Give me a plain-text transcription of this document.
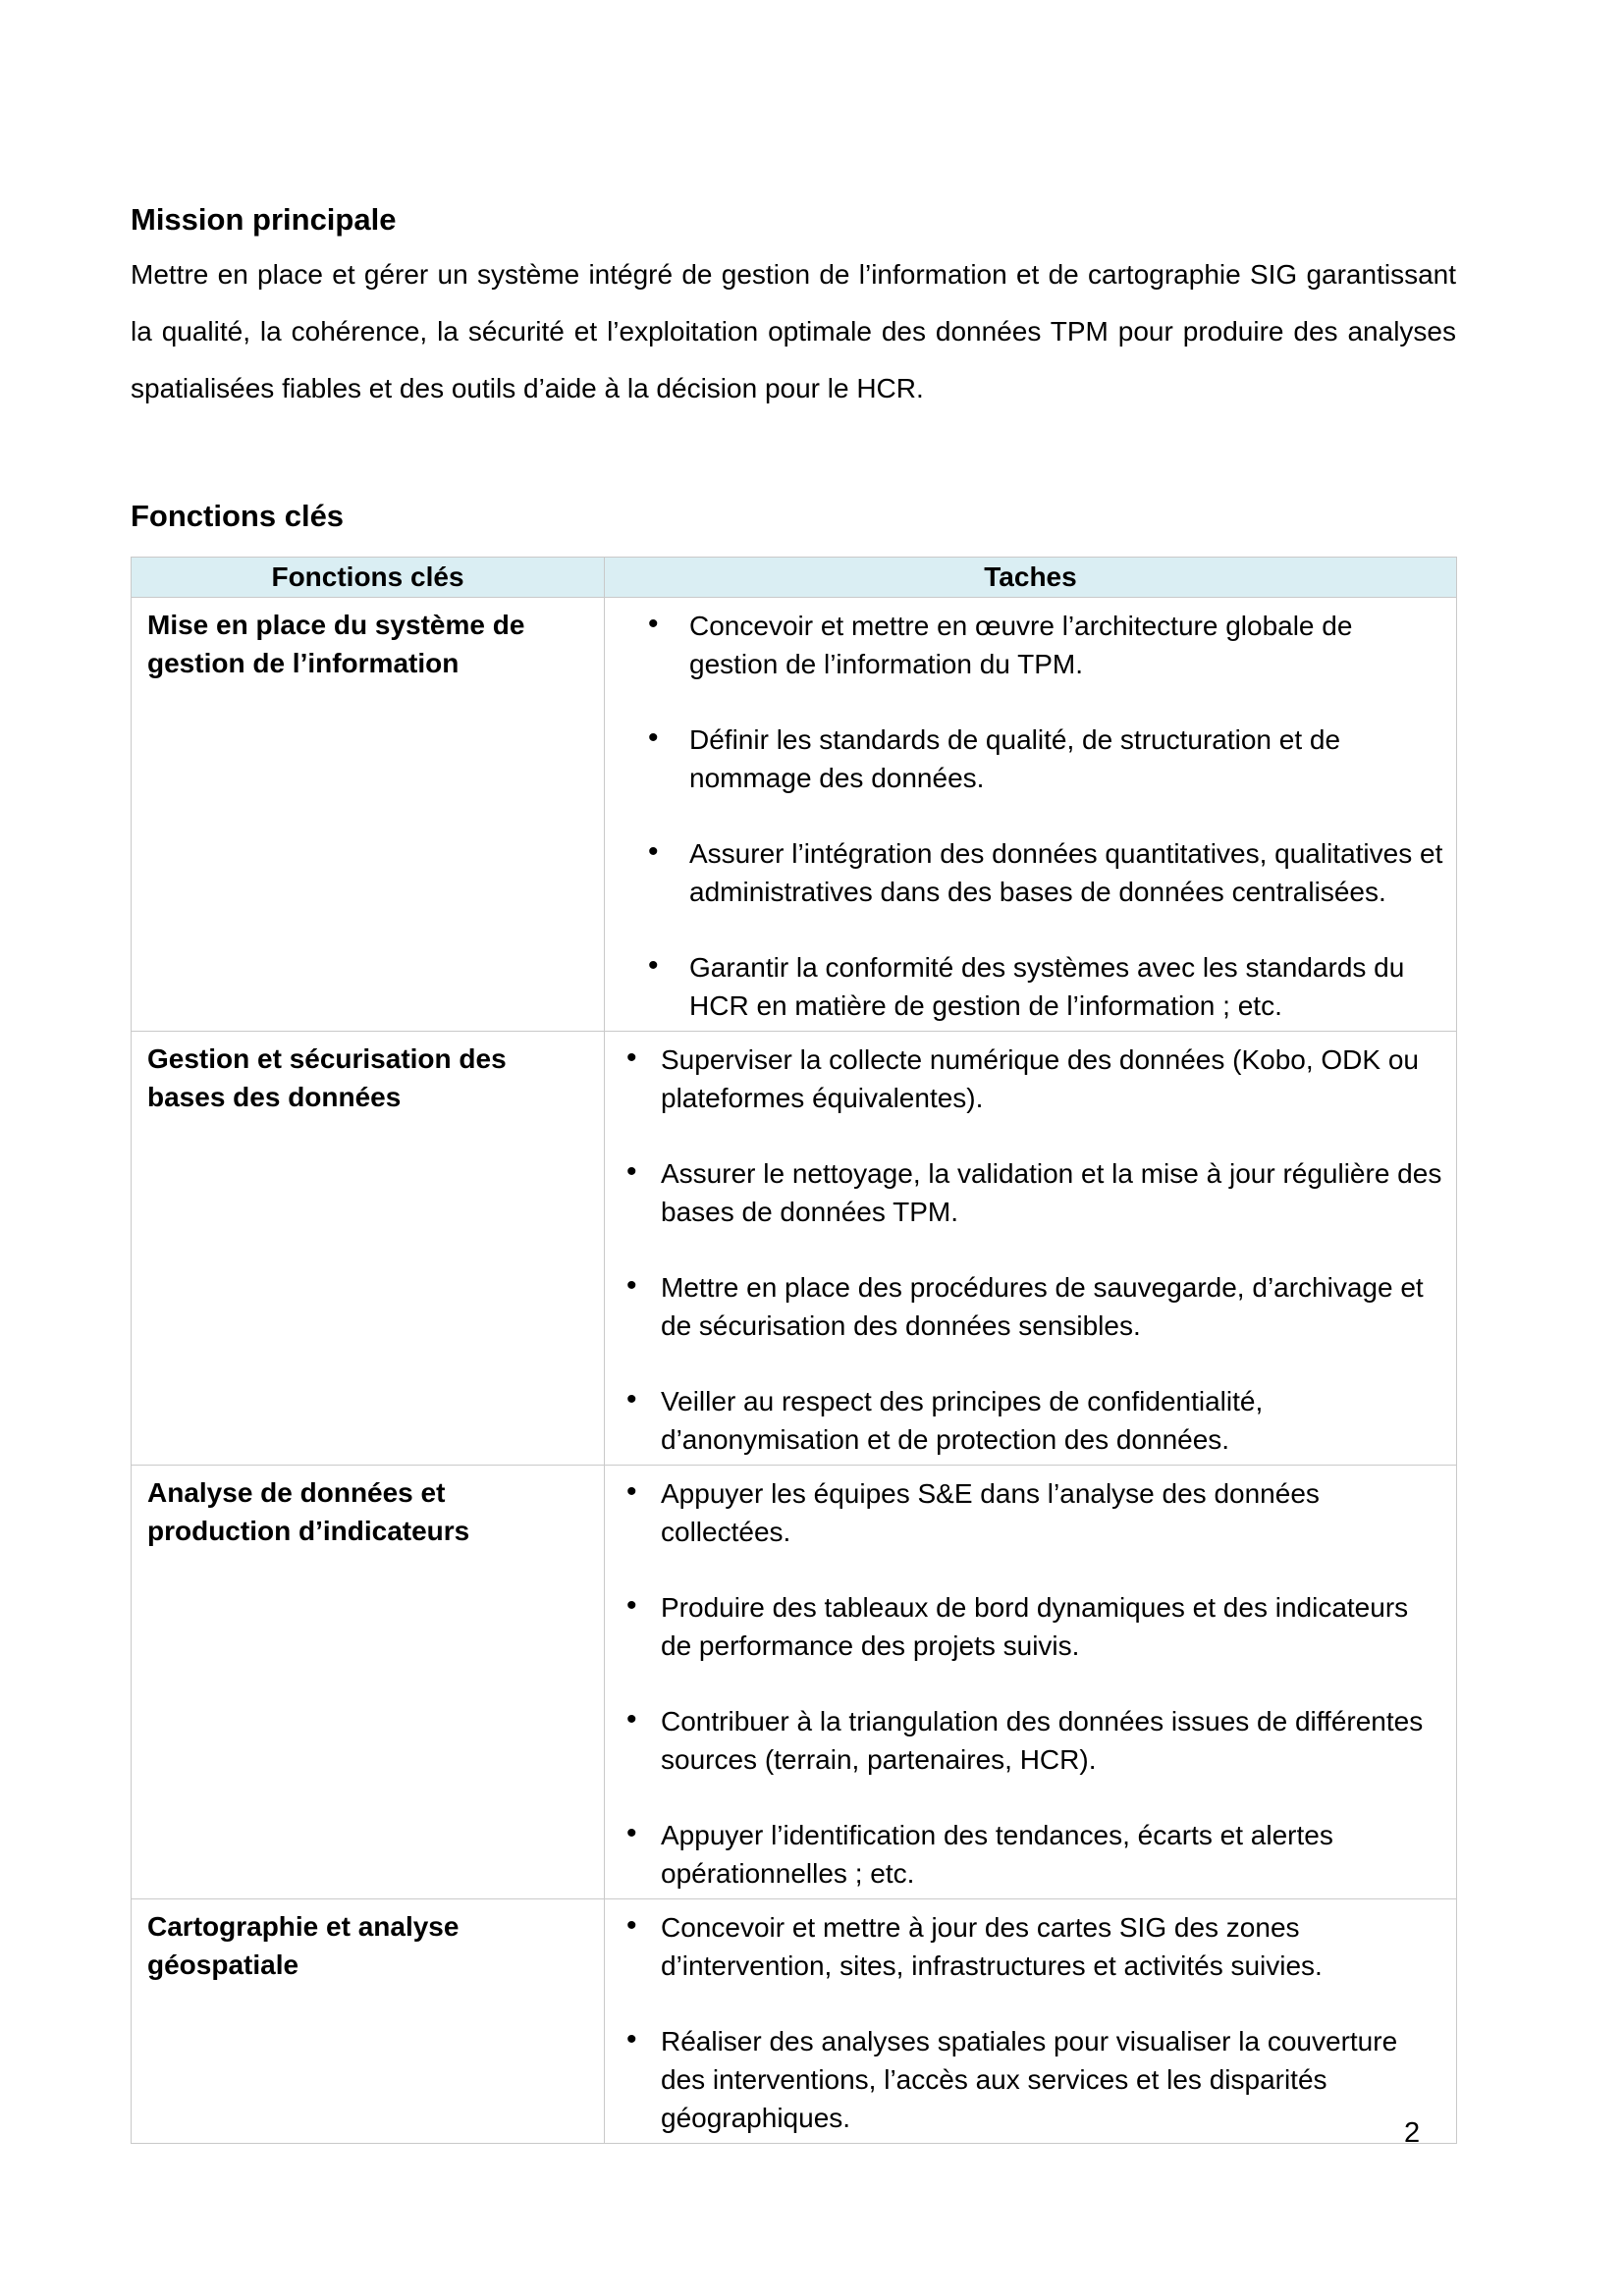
Mission principale

Mettre en place et gérer un système intégré de gestion de l’information et de cartographie SIG garantissant la qualité, la cohérence, la sécurité et l’exploitation optimale des données TPM pour produire des analyses spatialisées fiables et des outils d’aide à la décision pour le HCR.

Fonctions clés
Fonctions clés	Taches
Mise en place du système de gestion de l’information	
• Concevoir et mettre en œuvre l’architecture globale de gestion de l’information du TPM.
• Définir les standards de qualité, de structuration et de nommage des données.
• Assurer l’intégration des données quantitatives, qualitatives et administratives dans des bases de données centralisées.
• Garantir la conformité des systèmes avec les standards du HCR en matière de gestion de l’information ; etc.

Gestion et sécurisation des bases des données	
• Superviser la collecte numérique des données (Kobo, ODK ou plateformes équivalentes).
• Assurer le nettoyage, la validation et la mise à jour régulière des bases de données TPM.
• Mettre en place des procédures de sauvegarde, d’archivage et de sécurisation des données sensibles.
• Veiller au respect des principes de confidentialité, d’anonymisation et de protection des données.

Analyse de données et production d’indicateurs	
• Appuyer les équipes S&E dans l’analyse des données collectées.
• Produire des tableaux de bord dynamiques et des indicateurs de performance des projets suivis.
• Contribuer à la triangulation des données issues de différentes sources (terrain, partenaires, HCR).
• Appuyer l’identification des tendances, écarts et alertes opérationnelles ; etc.

Cartographie et analyse géospatiale	
• Concevoir et mettre à jour des cartes SIG des zones d’intervention, sites, infrastructures et activités suivies.
• Réaliser des analyses spatiales pour visualiser la couverture des interventions, l’accès aux services et les disparités géographiques.	2
